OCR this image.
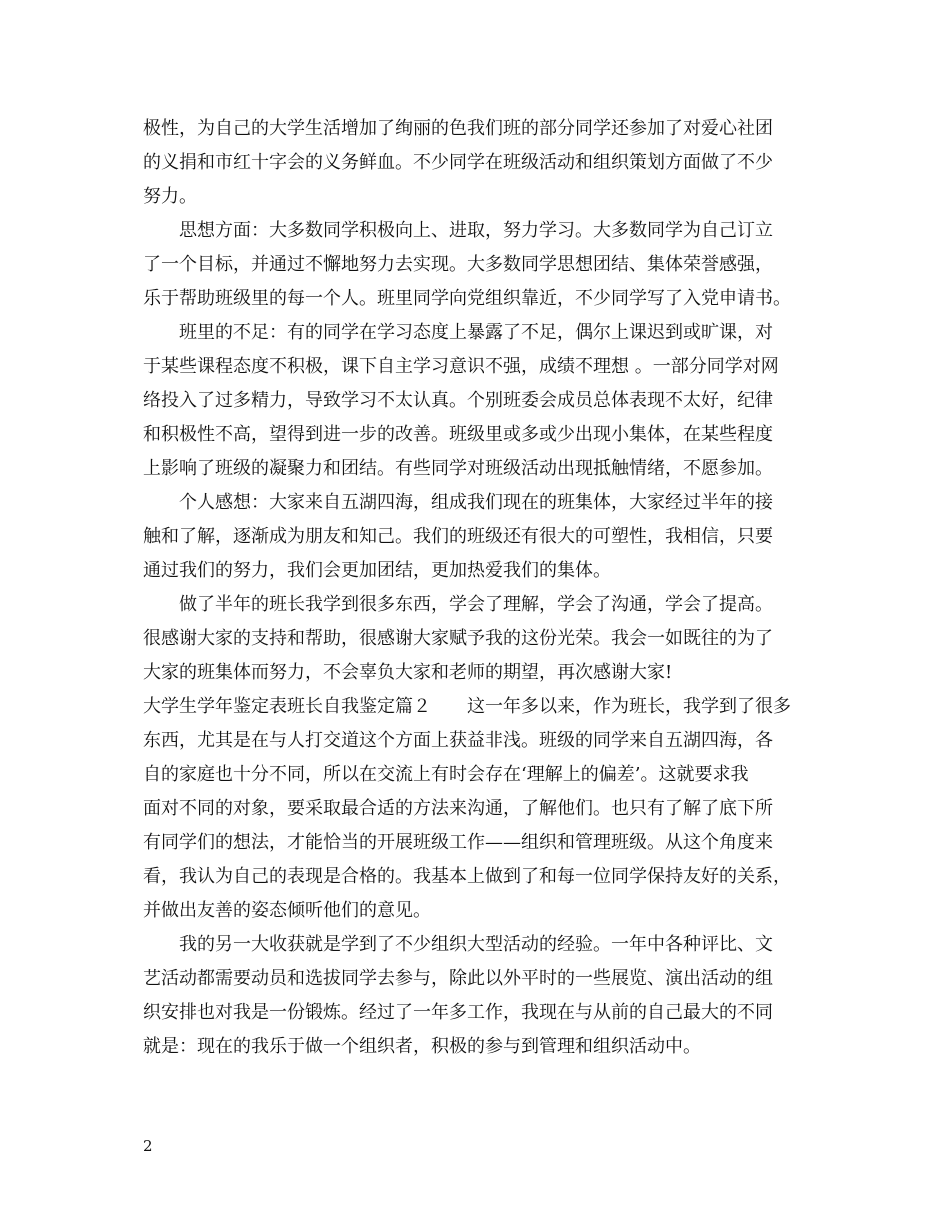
极性，为自己的大学生活增加了绚丽的色我们班的部分同学还参加了对爱心社团
的义捐和市红十字会的义务鲜血。不少同学在班级活动和组织策划方面做了不少
努力。
思想方面：大多数同学积极向上、进取，努力学习。大多数同学为自己订立
了一个目标，并通过不懈地努力去实现。大多数同学思想团结、集体荣誉感强，
乐于帮助班级里的每一个人。班里同学向党组织靠近，不少同学写了入党申请书。
班里的不足：有的同学在学习态度上暴露了不足，偶尔上课迟到或旷课，对
于某些课程态度不积极，课下自主学习意识不强，成绩不理想 。一部分同学对网
络投入了过多精力，导致学习不太认真。个别班委会成员总体表现不太好，纪律
和积极性不高，望得到进一步的改善。班级里或多或少出现小集体，在某些程度
上影响了班级的凝聚力和团结。有些同学对班级活动出现抵触情绪，不愿参加。
个人感想：大家来自五湖四海，组成我们现在的班集体，大家经过半年的接
触和了解，逐渐成为朋友和知己。我们的班级还有很大的可塑性，我相信，只要
通过我们的努力，我们会更加团结，更加热爱我们的集体。
做了半年的班长我学到很多东西，学会了理解，学会了沟通，学会了提高。
很感谢大家的支持和帮助，很感谢大家赋予我的这份光荣。我会一如既往的为了
大家的班集体而努力，不会辜负大家和老师的期望，再次感谢大家!
大学生学年鉴定表班长自我鉴定篇２　　这一年多以来，作为班长，我学到了很多
东西，尤其是在与人打交道这个方面上获益非浅。班级的同学来自五湖四海，各
自的家庭也十分不同，所以在交流上有时会存在‘理解上的偏差’。这就要求我
面对不同的对象，要采取最合适的方法来沟通，了解他们。也只有了解了底下所
有同学们的想法，才能恰当的开展班级工作——组织和管理班级。从这个角度来
看，我认为自己的表现是合格的。我基本上做到了和每一位同学保持友好的关系，
并做出友善的姿态倾听他们的意见。
我的另一大收获就是学到了不少组织大型活动的经验。一年中各种评比、文
艺活动都需要动员和选拔同学去参与，除此以外平时的一些展览、演出活动的组
织安排也对我是一份锻炼。经过了一年多工作，我现在与从前的自己最大的不同
就是：现在的我乐于做一个组织者，积极的参与到管理和组织活动中。
2
